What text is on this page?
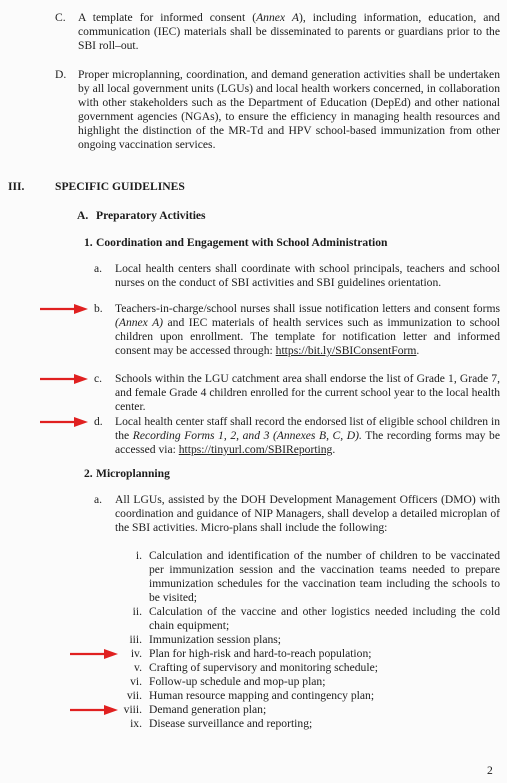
C. A template for informed consent (Annex A), including information, education, and communication (IEC) materials shall be disseminated to parents or guardians prior to the SBI roll–out.
D. Proper microplanning, coordination, and demand generation activities shall be undertaken by all local government units (LGUs) and local health workers concerned, in collaboration with other stakeholders such as the Department of Education (DepEd) and other national government agencies (NGAs), to ensure the efficiency in managing health resources and highlight the distinction of the MR-Td and HPV school-based immunization from other ongoing vaccination services.
III.	SPECIFIC GUIDELINES
A. Preparatory Activities
1. Coordination and Engagement with School Administration
a. Local health centers shall coordinate with school principals, teachers and school nurses on the conduct of SBI activities and SBI guidelines orientation.
b. Teachers-in-charge/school nurses shall issue notification letters and consent forms (Annex A) and IEC materials of health services such as immunization to school children upon enrollment. The template for notification letter and informed consent may be accessed through: https://bit.ly/SBIConsentForm.
c. Schools within the LGU catchment area shall endorse the list of Grade 1, Grade 7, and female Grade 4 children enrolled for the current school year to the local health center.
d. Local health center staff shall record the endorsed list of eligible school children in the Recording Forms 1, 2, and 3 (Annexes B, C, D). The recording forms may be accessed via: https://tinyurl.com/SBIReporting.
2. Microplanning
a. All LGUs, assisted by the DOH Development Management Officers (DMO) with coordination and guidance of NIP Managers, shall develop a detailed microplan of the SBI activities. Micro-plans shall include the following:
i. Calculation and identification of the number of children to be vaccinated per immunization session and the vaccination teams needed to prepare immunization schedules for the vaccination team including the schools to be visited;
ii. Calculation of the vaccine and other logistics needed including the cold chain equipment;
iii. Immunization session plans;
iv. Plan for high-risk and hard-to-reach population;
v. Crafting of supervisory and monitoring schedule;
vi. Follow-up schedule and mop-up plan;
vii. Human resource mapping and contingency plan;
viii. Demand generation plan;
ix. Disease surveillance and reporting;
2
